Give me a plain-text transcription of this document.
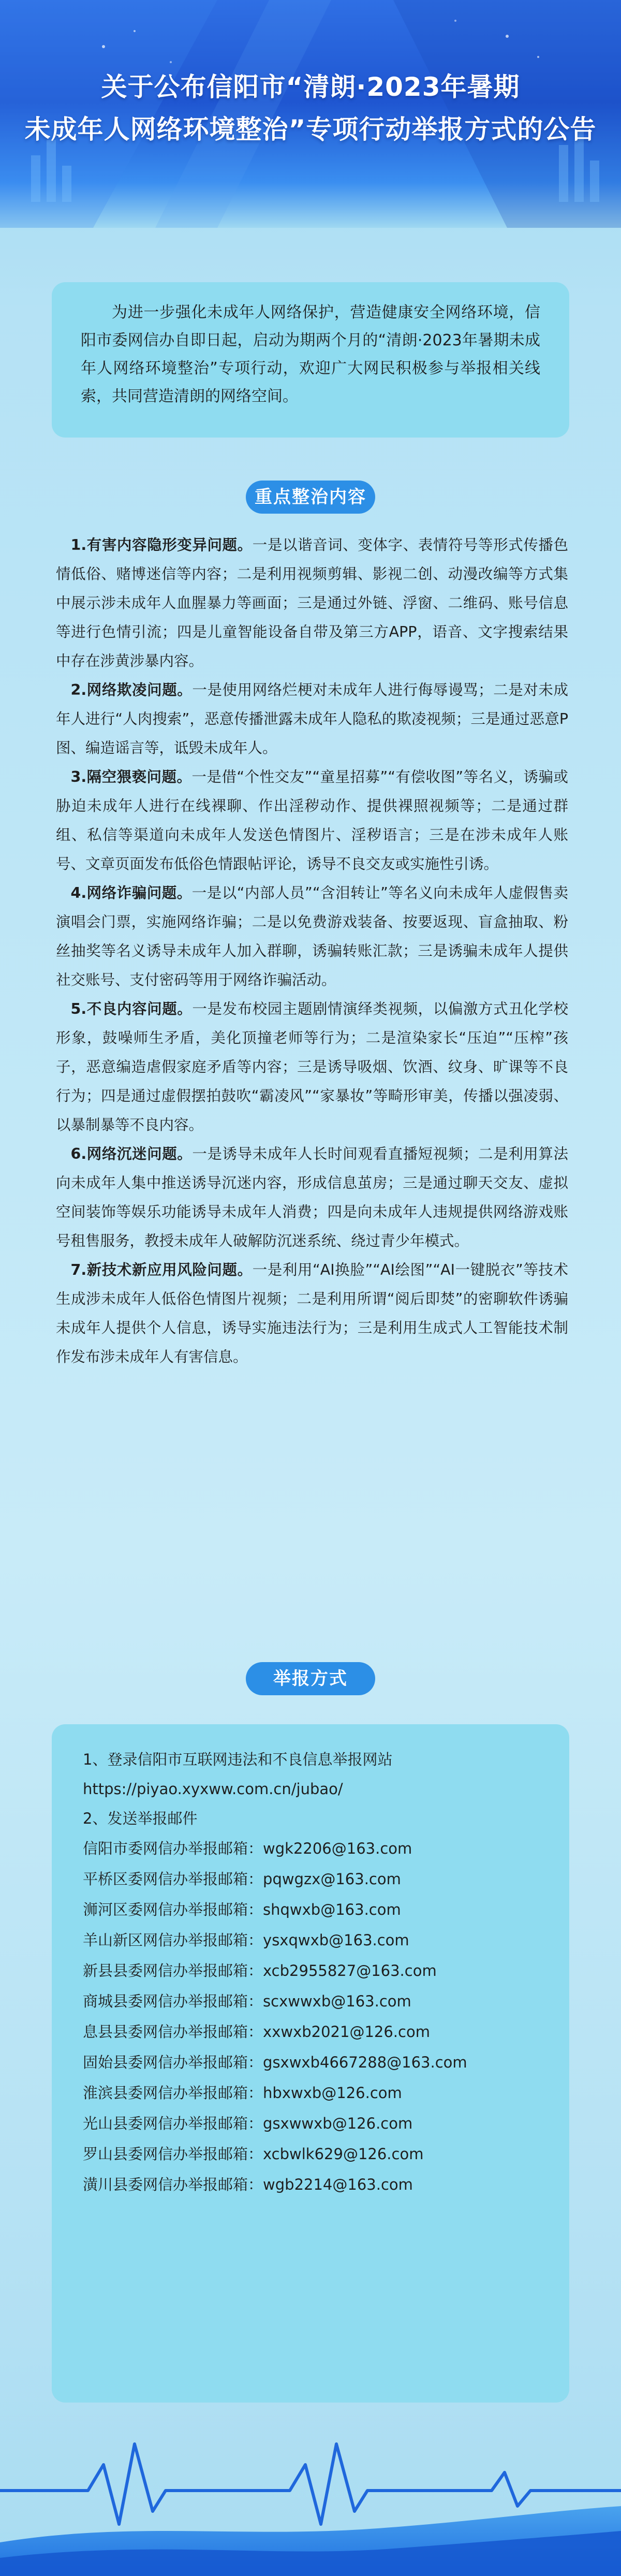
关于公布信阳市“清朗·2023年暑期
未成年人网络环境整治”专项行动举报方式的公告

为进一步强化未成年人网络保护，营造健康安全网络环境，信阳市委网信办自即日起，启动为期两个月的“清朗·2023年暑期未成年人网络环境整治”专项行动，欢迎广大网民积极参与举报相关线索，共同营造清朗的网络空间。

重点整治内容
1.有害内容隐形变异问题。一是以谐音词、变体字、表情符号等形式传播色情低俗、赌博迷信等内容；二是利用视频剪辑、影视二创、动漫改编等方式集中展示涉未成年人血腥暴力等画面；三是通过外链、浮窗、二维码、账号信息等进行色情引流；四是儿童智能设备自带及第三方APP，语音、文字搜索结果中存在涉黄涉暴内容。
2.网络欺凌问题。一是使用网络烂梗对未成年人进行侮辱谩骂；二是对未成年人进行“人肉搜索”，恶意传播泄露未成年人隐私的欺凌视频；三是通过恶意P图、编造谣言等，诋毁未成年人。
3.隔空猥亵问题。一是借“个性交友”“童星招募”“有偿收图”等名义，诱骗或胁迫未成年人进行在线裸聊、作出淫秽动作、提供裸照视频等；二是通过群组、私信等渠道向未成年人发送色情图片、淫秽语言；三是在涉未成年人账号、文章页面发布低俗色情跟帖评论，诱导不良交友或实施性引诱。
4.网络诈骗问题。一是以“内部人员”“含泪转让”等名义向未成年人虚假售卖演唱会门票，实施网络诈骗；二是以免费游戏装备、按要返现、盲盒抽取、粉丝抽奖等名义诱导未成年人加入群聊，诱骗转账汇款；三是诱骗未成年人提供社交账号、支付密码等用于网络诈骗活动。
5.不良内容问题。一是发布校园主题剧情演绎类视频，以偏激方式丑化学校形象，鼓噪师生矛盾，美化顶撞老师等行为；二是渲染家长“压迫”“压榨”孩子，恶意编造虐假家庭矛盾等内容；三是诱导吸烟、饮酒、纹身、旷课等不良行为；四是通过虚假摆拍鼓吹“霸凌风”“家暴妆”等畸形审美，传播以强凌弱、以暴制暴等不良内容。
6.网络沉迷问题。一是诱导未成年人长时间观看直播短视频；二是利用算法向未成年人集中推送诱导沉迷内容，形成信息茧房；三是通过聊天交友、虚拟空间装饰等娱乐功能诱导未成年人消费；四是向未成年人违规提供网络游戏账号租售服务，教授未成年人破解防沉迷系统、绕过青少年模式。
7.新技术新应用风险问题。一是利用“AI换脸”“AI绘图”“AI一键脱衣”等技术生成涉未成年人低俗色情图片视频；二是利用所谓“阅后即焚”的密聊软件诱骗未成年人提供个人信息，诱导实施违法行为；三是利用生成式人工智能技术制作发布涉未成年人有害信息。
举报方式
1、登录信阳市互联网违法和不良信息举报网站
https://piyao.xyxww.com.cn/jubao/
2、发送举报邮件
信阳市委网信办举报邮箱：wgk2206@163.com
平桥区委网信办举报邮箱：pqwgzx@163.com
浉河区委网信办举报邮箱：shqwxb@163.com
羊山新区网信办举报邮箱：ysxqwxb@163.com
新县县委网信办举报邮箱：xcb2955827@163.com
商城县委网信办举报邮箱：scxwwxb@163.com
息县县委网信办举报邮箱：xxwxb2021@126.com
固始县委网信办举报邮箱：gsxwxb4667288@163.com
淮滨县委网信办举报邮箱：hbxwxb@126.com
光山县委网信办举报邮箱：gsxwwxb@126.com
罗山县委网信办举报邮箱：xcbwlk629@126.com
潢川县委网信办举报邮箱：wgb2214@163.com
